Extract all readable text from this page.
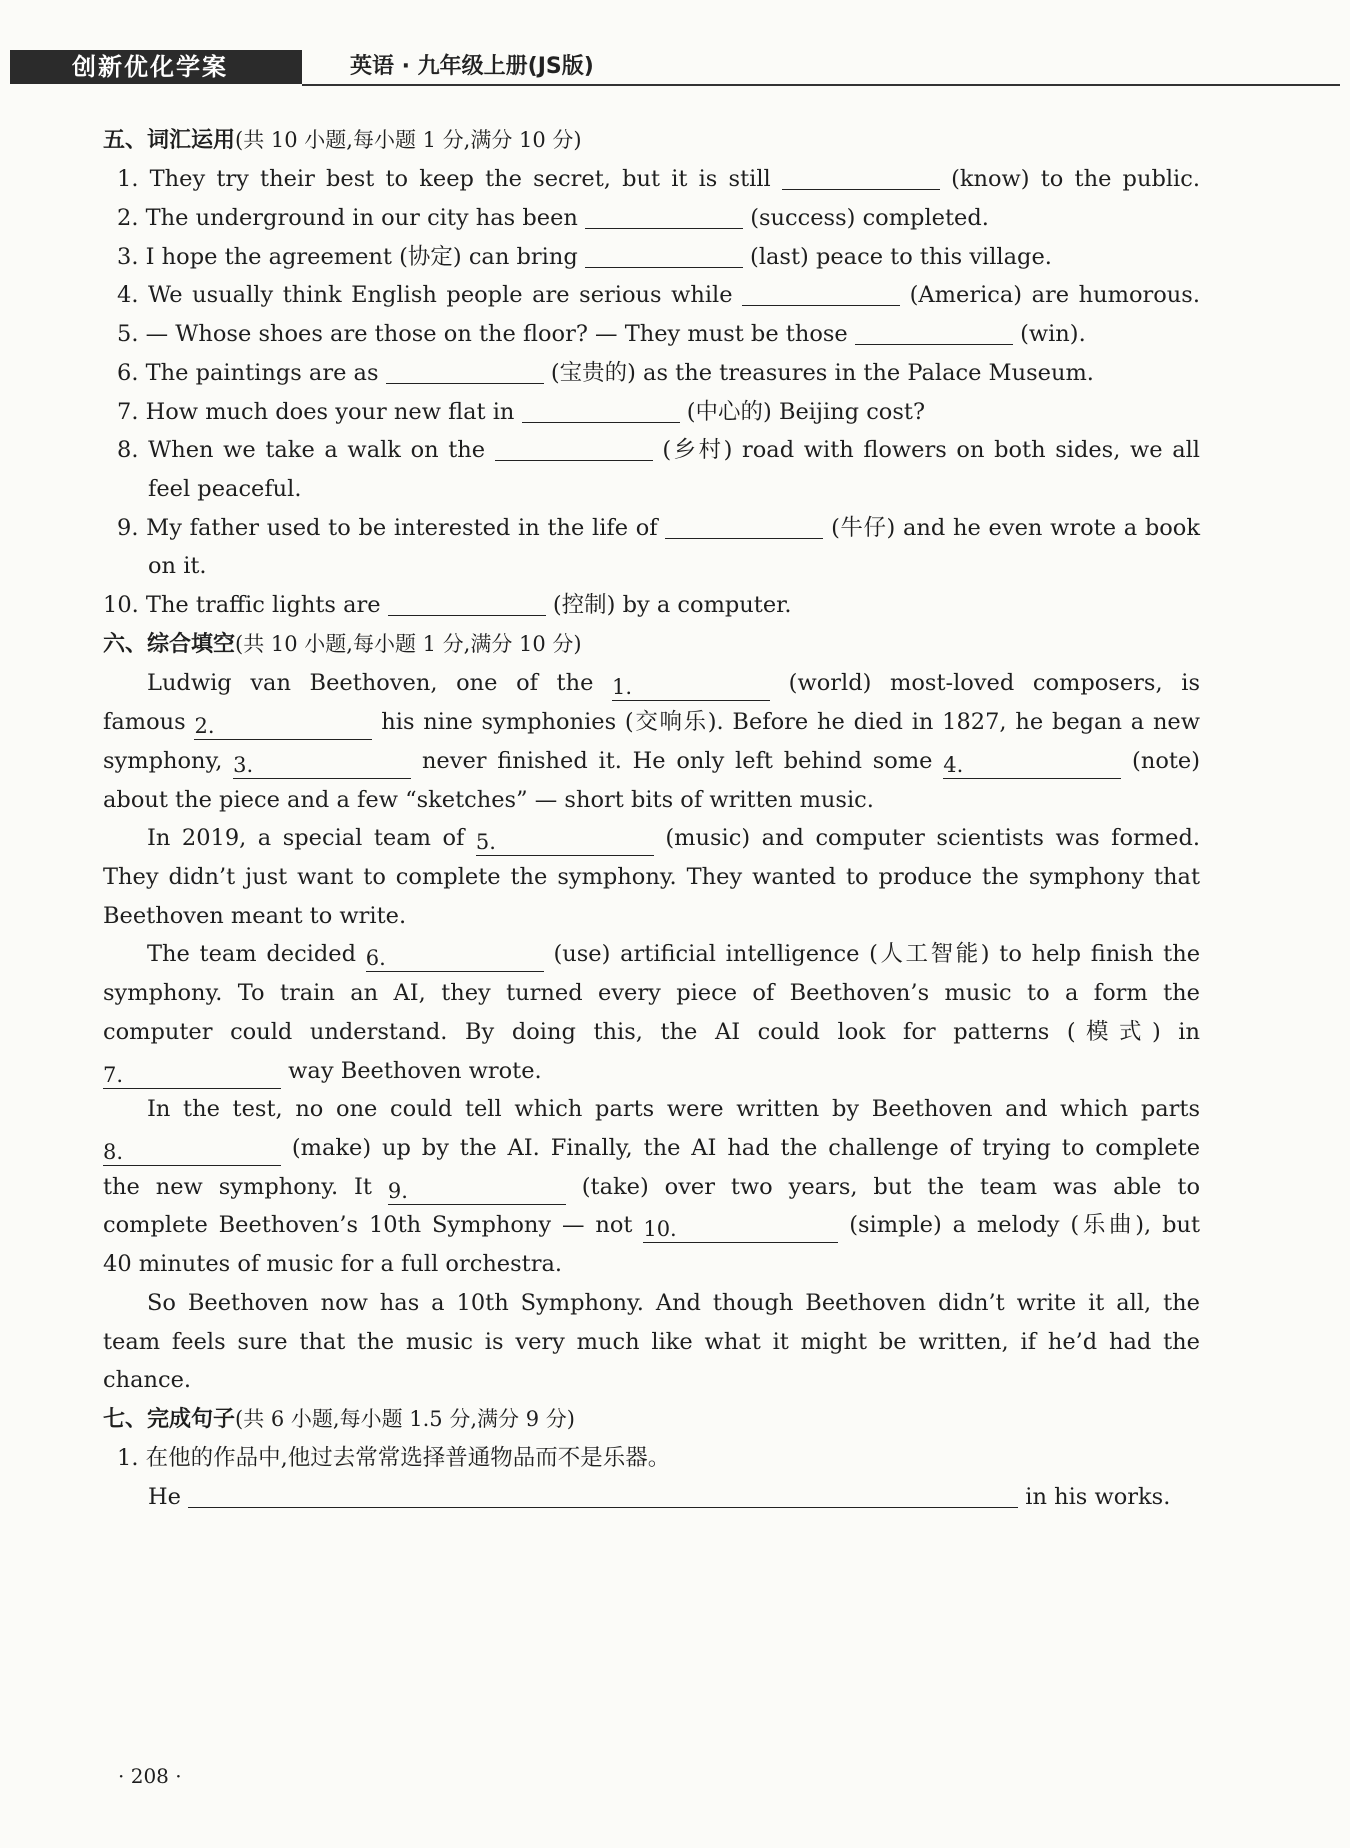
创新优化学案	英语 · 九年级上册(JS版)
五、词汇运用(共 10 小题,每小题 1 分,满分 10 分)
1. They try their best to keep the secret, but it is still	(know) to the public.
2. The underground in our city has been	(success) completed.
3. I hope the agreement (协定) can bring	(last) peace to this village.
4. We usually think English people are serious while	(America) are humorous.
5. — Whose shoes are those on the floor? — They must be those	(win).
6. The paintings are as	(宝贵的) as the treasures in the Palace Museum.
7. How much does your new flat in	(中心的) Beijing cost?
8. When we take a walk on the	(乡村) road with flowers on both sides, we all
feel peaceful.
9. My father used to be interested in the life of	(牛仔) and he even wrote a book
on it.
10. The traffic lights are	(控制) by a computer.
六、综合填空(共 10 小题,每小题 1 分,满分 10 分)
Ludwig van Beethoven, one of the 1.	(world) most-loved composers, is
famous 2.	his nine symphonies (交响乐). Before he died in 1827, he began a new
symphony, 3.	never finished it. He only left behind some 4.	(note)
about the piece and a few “sketches” — short bits of written music.
In 2019, a special team of 5.	(music) and computer scientists was formed.
They didn’t just want to complete the symphony. They wanted to produce the symphony that
Beethoven meant to write.
The team decided 6.	(use) artificial intelligence (人工智能) to help finish the
symphony. To train an AI, they turned every piece of Beethoven’s music to a form the
computer could understand. By doing this, the AI could look for patterns (模式) in
7.	way Beethoven wrote.
In the test, no one could tell which parts were written by Beethoven and which parts
8.	(make) up by the AI. Finally, the AI had the challenge of trying to complete
the new symphony. It 9.	(take) over two years, but the team was able to
complete Beethoven’s 10th Symphony — not 10.	(simple) a melody (乐曲), but
40 minutes of music for a full orchestra.
So Beethoven now has a 10th Symphony. And though Beethoven didn’t write it all, the
team feels sure that the music is very much like what it might be written, if he’d had the
chance.
七、完成句子(共 6 小题,每小题 1.5 分,满分 9 分)
1. 在他的作品中,他过去常常选择普通物品而不是乐器。
He	in his works.
· 208 ·
